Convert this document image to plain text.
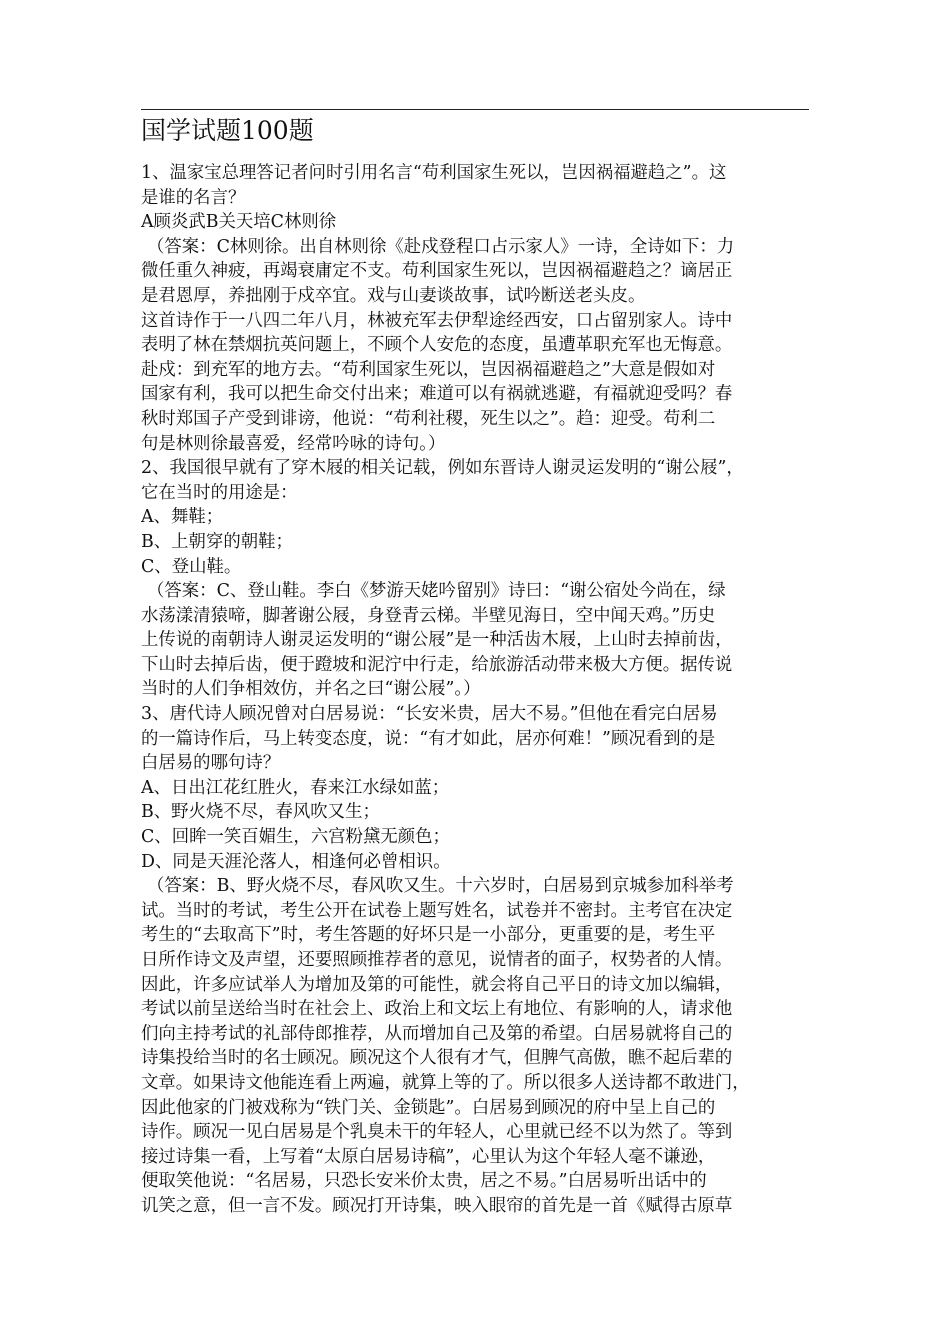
国学试题100题
1、温家宝总理答记者问时引用名言“苟利国家生死以，岂因祸福避趋之”。这
是谁的名言？
A顾炎武B关天培C林则徐
（答案：C林则徐。出自林则徐《赴戍登程口占示家人》一诗，全诗如下：力
微任重久神疲，再竭衰庸定不支。苟利国家生死以，岂因祸福避趋之？谪居正
是君恩厚，养拙刚于戍卒宜。戏与山妻谈故事，试吟断送老头皮。
这首诗作于一八四二年八月，林被充军去伊犁途经西安，口占留别家人。诗中
表明了林在禁烟抗英问题上，不顾个人安危的态度，虽遭革职充军也无悔意。
赴戍：到充军的地方去。“苟利国家生死以，岂因祸福避趋之”大意是假如对
国家有利，我可以把生命交付出来；难道可以有祸就逃避，有福就迎受吗？春
秋时郑国子产受到诽谤，他说：“苟利社稷，死生以之”。趋：迎受。苟利二
句是林则徐最喜爱，经常吟咏的诗句。）
2、我国很早就有了穿木屐的相关记载，例如东晋诗人谢灵运发明的“谢公屐”，
它在当时的用途是：
A、舞鞋；
B、上朝穿的朝鞋；
C、登山鞋。
（答案：C、登山鞋。李白《梦游天姥吟留别》诗曰：“谢公宿处今尚在，绿
水荡漾清猿啼，脚著谢公屐，身登青云梯。半壁见海日，空中闻天鸡。”历史
上传说的南朝诗人谢灵运发明的“谢公屐”是一种活齿木屐，上山时去掉前齿，
下山时去掉后齿，便于蹬坡和泥泞中行走，给旅游活动带来极大方便。据传说
当时的人们争相效仿，并名之曰“谢公屐”。）
3、唐代诗人顾况曾对白居易说：“长安米贵，居大不易。”但他在看完白居易
的一篇诗作后，马上转变态度，说：“有才如此，居亦何难！”顾况看到的是
白居易的哪句诗？
A、日出江花红胜火，春来江水绿如蓝；
B、野火烧不尽，春风吹又生；
C、回眸一笑百媚生，六宫粉黛无颜色；
D、同是天涯沦落人，相逢何必曾相识。
（答案：B、野火烧不尽，春风吹又生。十六岁时，白居易到京城参加科举考
试。当时的考试，考生公开在试卷上题写姓名，试卷并不密封。主考官在决定
考生的“去取高下”时，考生答题的好坏只是一小部分，更重要的是，考生平
日所作诗文及声望，还要照顾推荐者的意见，说情者的面子，权势者的人情。
因此，许多应试举人为增加及第的可能性，就会将自己平日的诗文加以编辑，
考试以前呈送给当时在社会上、政治上和文坛上有地位、有影响的人，请求他
们向主持考试的礼部侍郎推荐，从而增加自己及第的希望。白居易就将自己的
诗集投给当时的名士顾况。顾况这个人很有才气，但脾气高傲，瞧不起后辈的
文章。如果诗文他能连看上两遍，就算上等的了。所以很多人送诗都不敢进门，
因此他家的门被戏称为“铁门关、金锁匙”。白居易到顾况的府中呈上自己的
诗作。顾况一见白居易是个乳臭未干的年轻人，心里就已经不以为然了。等到
接过诗集一看，上写着“太原白居易诗稿”，心里认为这个年轻人毫不谦逊，
便取笑他说：“名居易，只恐长安米价太贵，居之不易。”白居易听出话中的
讥笑之意，但一言不发。顾况打开诗集，映入眼帘的首先是一首《赋得古原草
